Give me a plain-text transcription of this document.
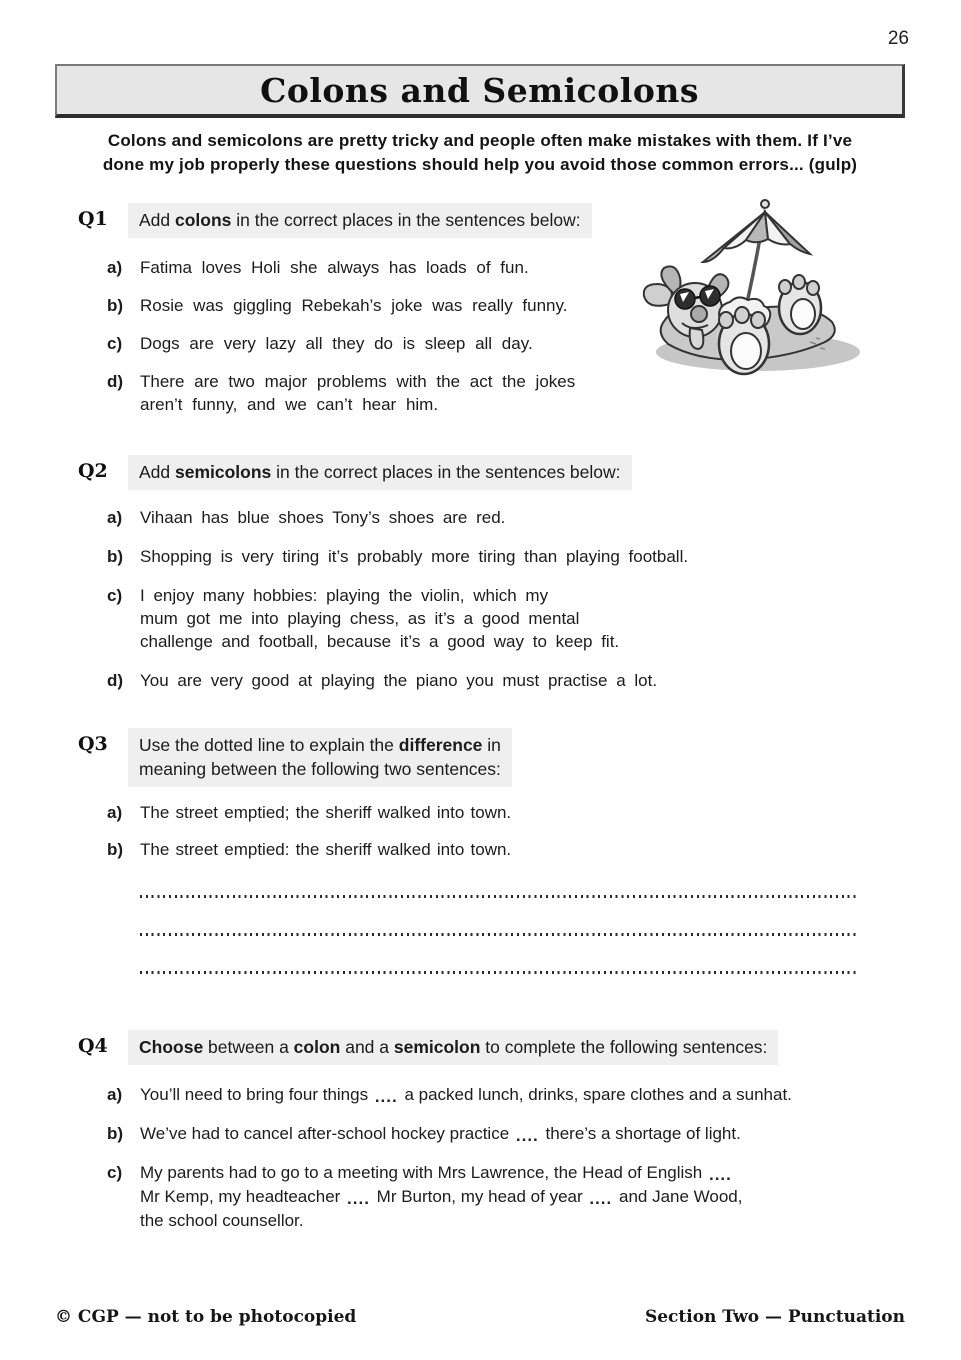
26
Colons and Semicolons
Colons and semicolons are pretty tricky and people often make mistakes with them. If I’ve
done my job properly these questions should help you avoid those common errors... (gulp)
Q1	Add colons in the correct places in the sentences below:
a)	Fatima loves Holi she always has loads of fun.
b) Rosie was giggling Rebekah’s joke was really funny.
c)	Dogs are very lazy all they do is sleep all day.
d) There are two major problems with the act the jokes
aren’t funny, and we can’t hear him.
Q2	Add semicolons in the correct places in the sentences below:
a)	Vihaan has blue shoes Tony’s shoes are red.
b) Shopping is very tiring it’s probably more tiring than playing football.
c)	I enjoy many hobbies: playing the violin, which my
mum got me into playing chess, as it’s a good mental
challenge and football, because it’s a good way to keep fit.
d) You are very good at playing the piano you must practise a lot.
Q3	Use the dotted line to explain the difference in
meaning between the following two sentences:
a)	The street emptied; the sheriff walked into town.
b) The street emptied: the sheriff walked into town.
Q4	Choose between a colon and a semicolon to complete the following sentences:
a)	You’ll need to bring four things .... a packed lunch, drinks, spare clothes and a sunhat.
b) We’ve had to cancel after-school hockey practice .... there’s a shortage of light.
c)	My parents had to go to a meeting with Mrs Lawrence, the Head of English ....
Mr Kemp, my headteacher .... Mr Burton, my head of year .... and Jane Wood,
the school counsellor.
© CGP — not to be photocopied	Section Two — Punctuation
